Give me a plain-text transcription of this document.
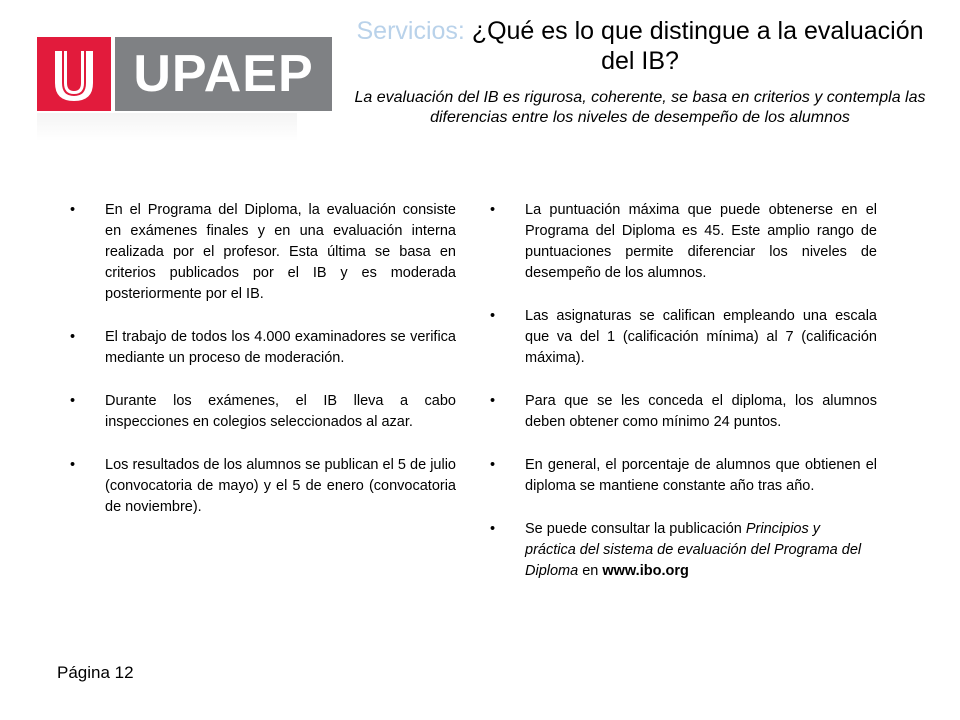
UPAEP
Servicios: ¿Qué es lo que distingue a la evaluación del IB?
La evaluación del IB es rigurosa, coherente, se basa en criterios y contempla las diferencias entre los niveles de desempeño de los alumnos
• En el Programa del Diploma, la evaluación consiste en exámenes finales y en una evaluación interna realizada por el profesor. Esta última se basa en criterios publicados por el IB y es moderada posteriormente por el IB.
• El trabajo de todos los 4.000 examinadores se verifica mediante un proceso de moderación.
• Durante los exámenes, el IB lleva a cabo inspecciones en colegios seleccionados al azar.
• Los resultados de los alumnos se publican el 5 de julio (convocatoria de mayo) y el 5 de enero (convocatoria de noviembre).
• La puntuación máxima que puede obtenerse en el Programa del Diploma es 45. Este amplio rango de puntuaciones permite diferenciar los niveles de desempeño de los alumnos.
• Las asignaturas se califican empleando una escala que va del 1 (calificación mínima) al 7 (calificación máxima).
• Para que se les conceda el diploma, los alumnos deben obtener como mínimo 24 puntos.
• En general, el porcentaje de alumnos que obtienen el diploma se mantiene constante año tras año.
• Se puede consultar la publicación Principios y práctica del sistema de evaluación del Programa del Diploma en www.ibo.org
Página 12
